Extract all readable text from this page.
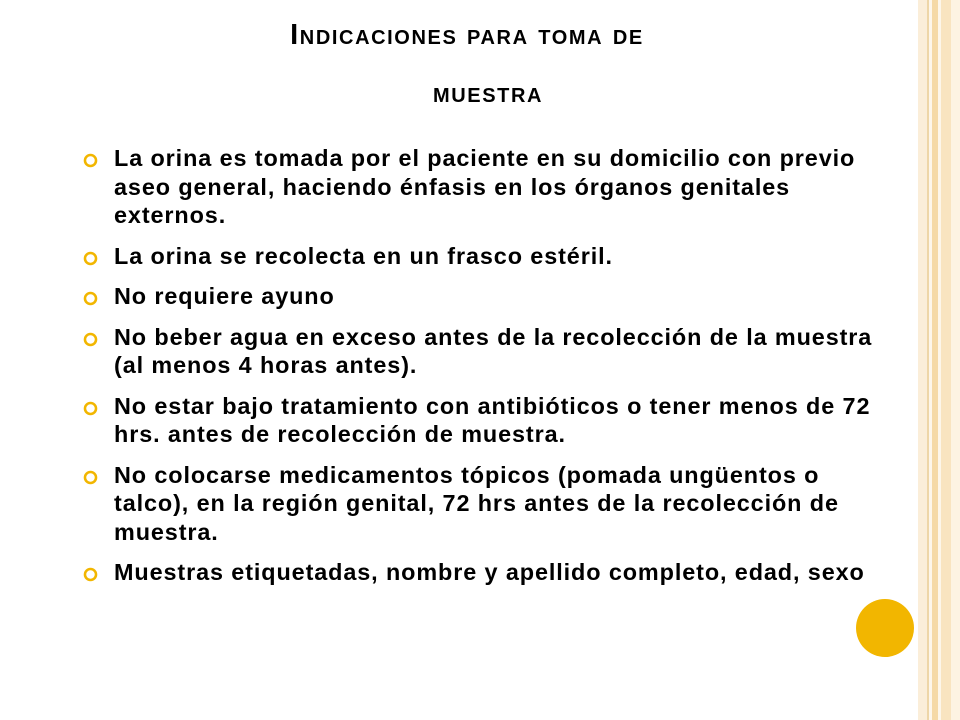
Indicaciones para toma de
muestra
La orina es tomada por el paciente en su domicilio con previo aseo general, haciendo énfasis en los órganos genitales externos.
La orina se recolecta en un frasco estéril.
No requiere ayuno
No beber agua en exceso antes de la recolección de la muestra (al menos 4 horas antes).
No estar bajo tratamiento con antibióticos o tener menos de 72 hrs. antes de recolección de muestra.
No colocarse medicamentos tópicos (pomada ungüentos o talco), en la región genital, 72 hrs antes de la recolección de muestra.
Muestras etiquetadas, nombre y apellido completo, edad, sexo
